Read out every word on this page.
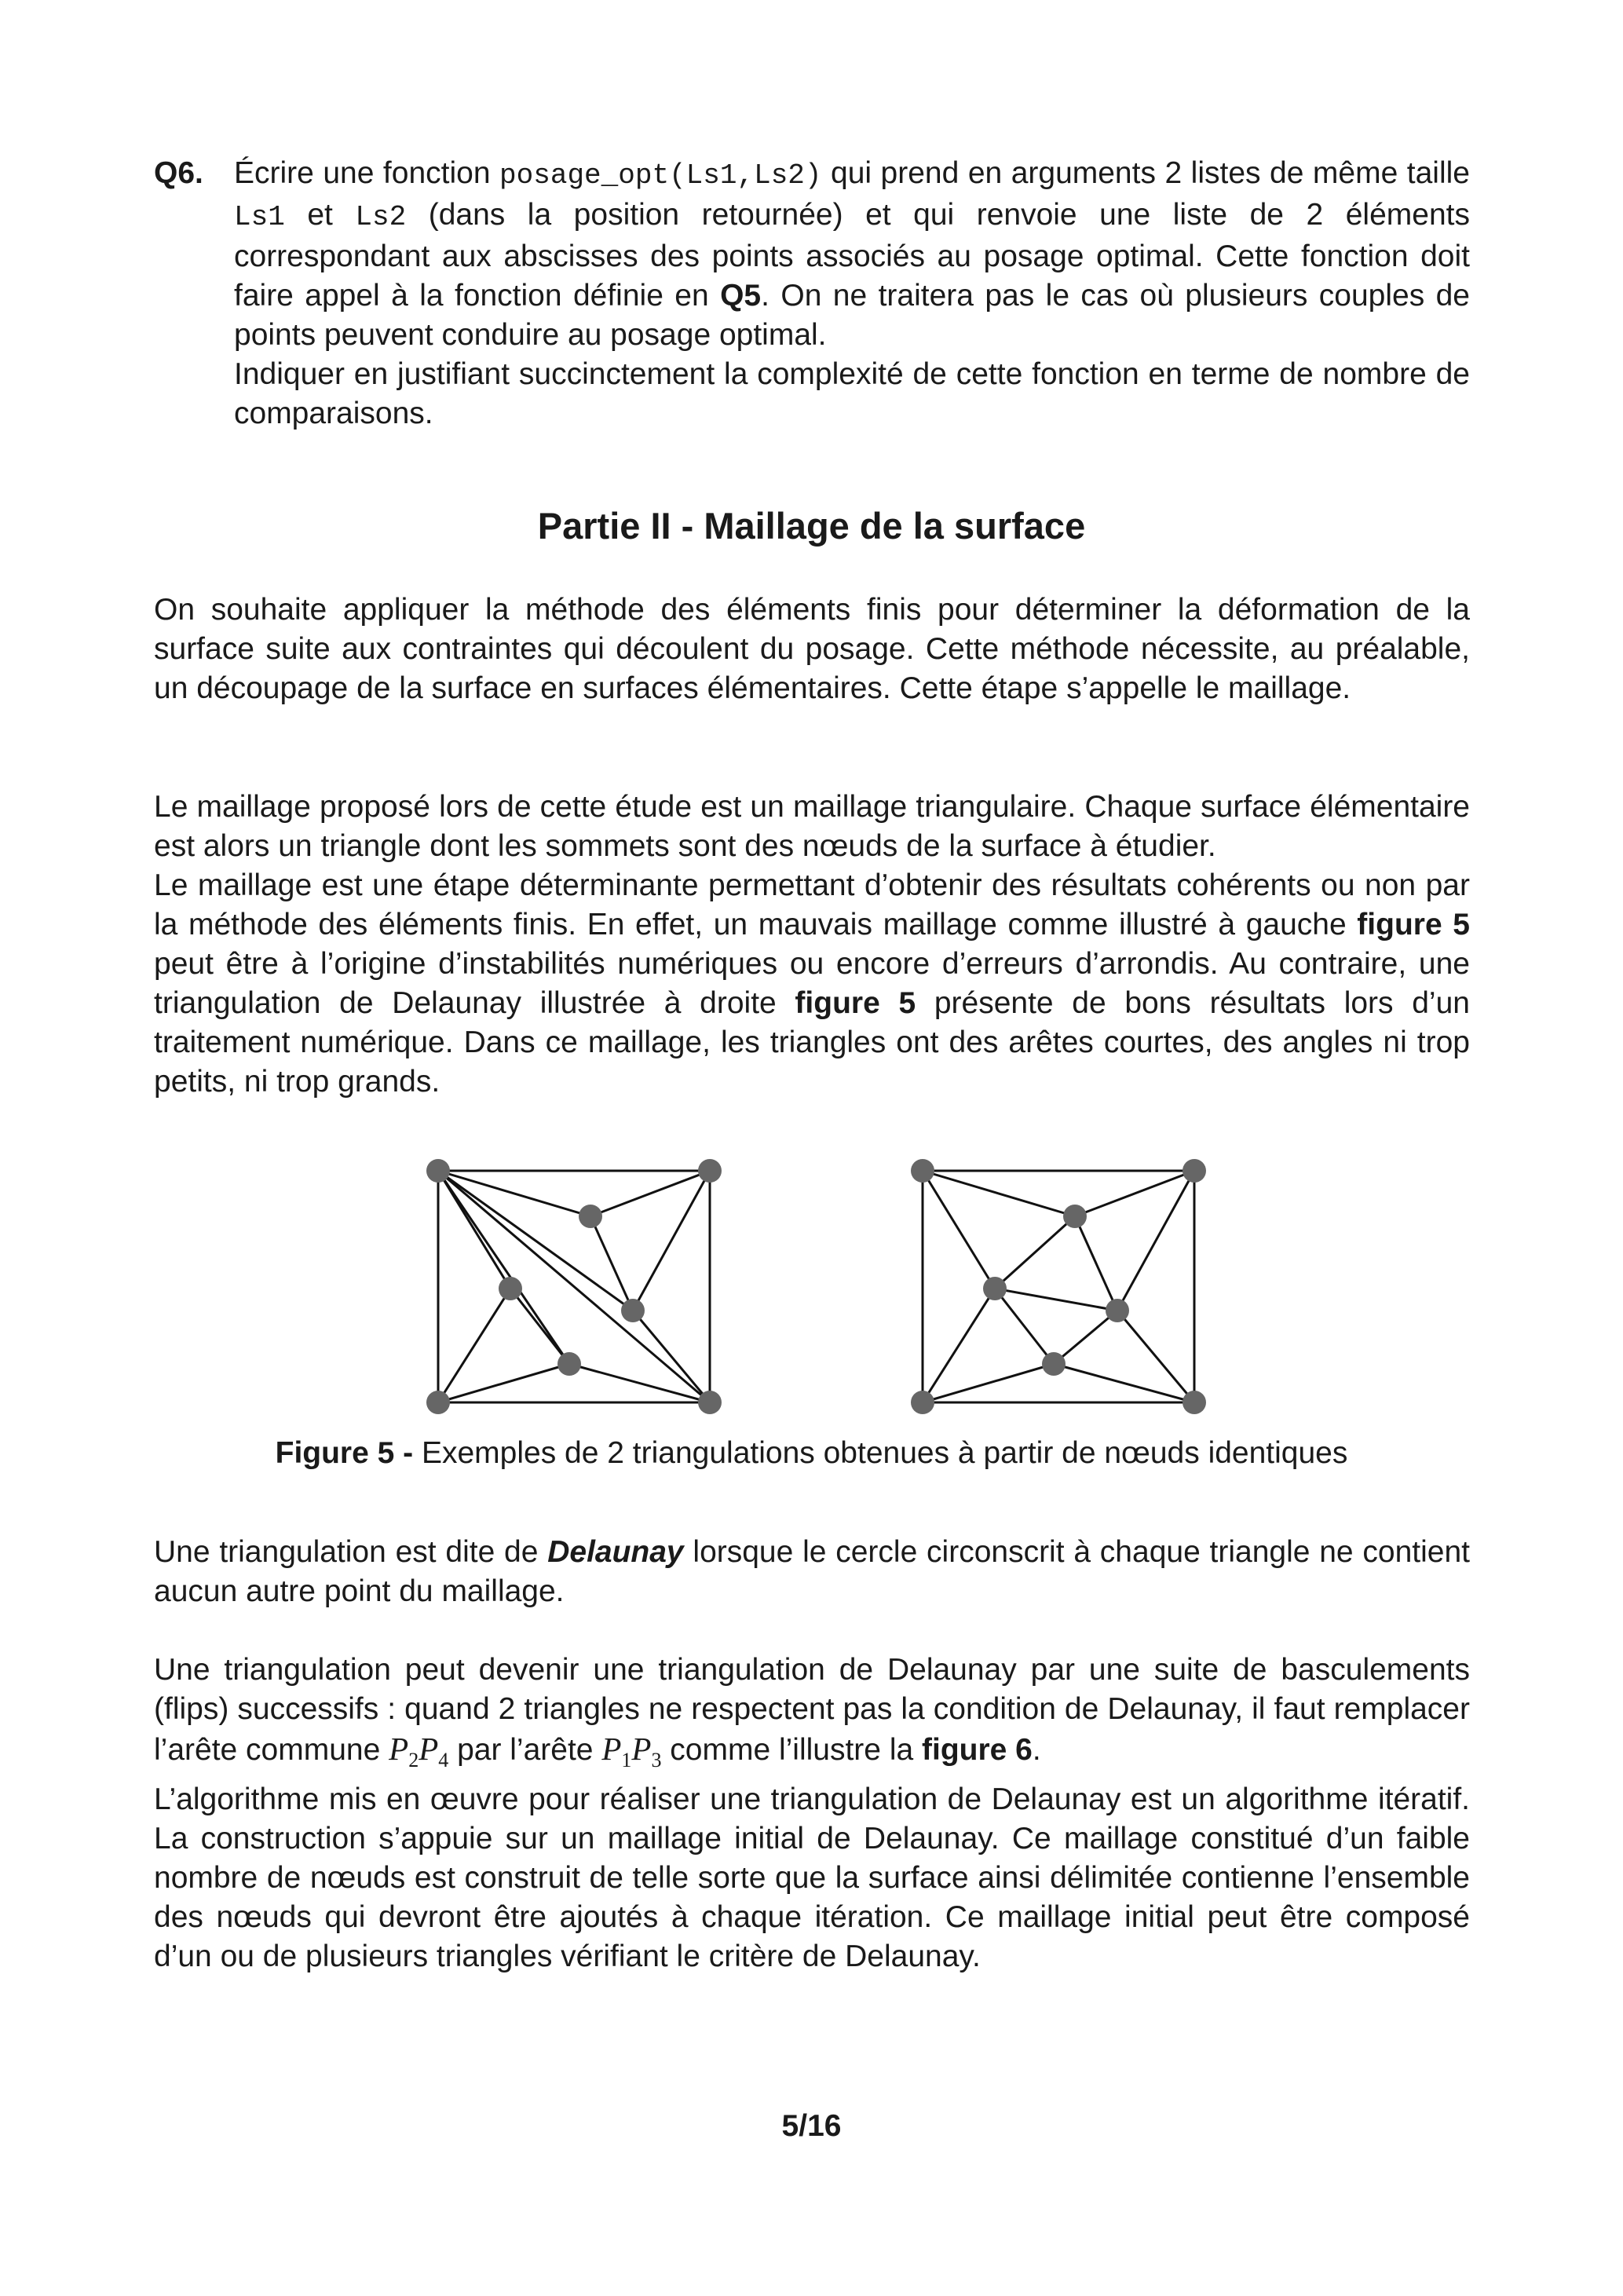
Q6. Écrire une fonction posage_opt(Ls1,Ls2) qui prend en arguments 2 listes de même taille Ls1 et Ls2 (dans la position retournée) et qui renvoie une liste de 2 éléments correspondant aux abscisses des points associés au posage optimal. Cette fonction doit faire appel à la fonction définie en Q5. On ne traitera pas le cas où plusieurs couples de points peuvent conduire au posage optimal.

Indiquer en justifiant succinctement la complexité de cette fonction en terme de nombre de comparaisons.

Partie II - Maillage de la surface
On souhaite appliquer la méthode des éléments finis pour déterminer la déformation de la surface suite aux contraintes qui découlent du posage. Cette méthode nécessite, au préalable, un découpage de la surface en surfaces élémentaires. Cette étape s’appelle le maillage.

Le maillage proposé lors de cette étude est un maillage triangulaire. Chaque surface élémentaire est alors un triangle dont les sommets sont des nœuds de la surface à étudier.

Le maillage est une étape déterminante permettant d’obtenir des résultats cohérents ou non par la méthode des éléments finis. En effet, un mauvais maillage comme illustré à gauche figure 5 peut être à l’origine d’instabilités numériques ou encore d’erreurs d’arrondis. Au contraire, une triangulation de Delaunay illustrée à droite figure 5 présente de bons résultats lors d’un traitement numérique. Dans ce maillage, les triangles ont des arêtes courtes, des angles ni trop petits, ni trop grands.

Figure 5 - Exemples de 2 triangulations obtenues à partir de nœuds identiques
Une triangulation est dite de Delaunay lorsque le cercle circonscrit à chaque triangle ne contient aucun autre point du maillage.

Une triangulation peut devenir une triangulation de Delaunay par une suite de basculements (flips) successifs : quand 2 triangles ne respectent pas la condition de Delaunay, il faut remplacer l’arête commune $P_2P_4$ par l’arête $P_1P_3$ comme l’illustre la figure 6.

L’algorithme mis en œuvre pour réaliser une triangulation de Delaunay est un algorithme itératif. La construction s’appuie sur un maillage initial de Delaunay. Ce maillage constitué d’un faible nombre de nœuds est construit de telle sorte que la surface ainsi délimitée contienne l’ensemble des nœuds qui devront être ajoutés à chaque itération. Ce maillage initial peut être composé d’un ou de plusieurs triangles vérifiant le critère de Delaunay.

5/16
